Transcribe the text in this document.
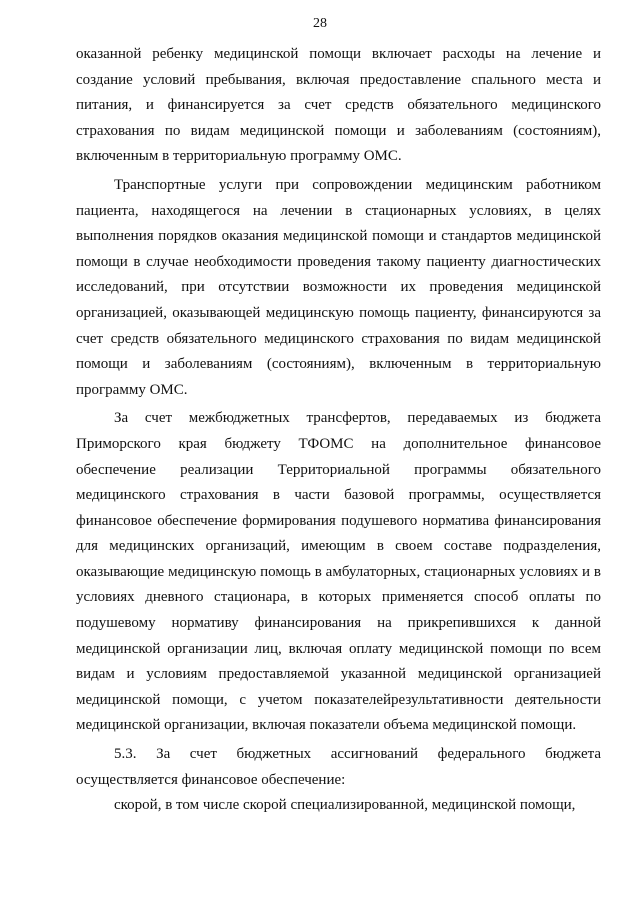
28

оказанной ребенку медицинской помощи включает расходы на лечение и создание условий пребывания, включая предоставление спального места и питания, и финансируется за счет средств обязательного медицинского страхования по видам медицинской помощи и заболеваниям (состояниям), включенным в территориальную программу ОМС.

Транспортные услуги при сопровождении медицинским работником пациента, находящегося на лечении в стационарных условиях, в целях выполнения порядков оказания медицинской помощи и стандартов медицинской помощи в случае необходимости проведения такому пациенту диагностических исследований, при отсутствии возможности их проведения медицинской организацией, оказывающей медицинскую помощь пациенту, финансируются за счет средств обязательного медицинского страхования по видам медицинской помощи и заболеваниям (состояниям), включенным в территориальную программу ОМС.

За счет межбюджетных трансфертов, передаваемых из бюджета Приморского края бюджету ТФОМС на дополнительное финансовое обеспечение реализации Территориальной программы обязательного медицинского страхования в части базовой программы, осуществляется финансовое обеспечение формирования подушевого норматива финансирования для медицинских организаций, имеющим в своем составе подразделения, оказывающие медицинскую помощь в амбулаторных, стационарных условиях и в условиях дневного стационара, в которых применяется способ оплаты по подушевому нормативу финансирования на прикрепившихся к данной медицинской организации лиц, включая оплату медицинской помощи по всем видам и условиям предоставляемой указанной медицинской организацией медицинской помощи, с учетом показателейрезультативности деятельности медицинской организации, включая показатели объема медицинской помощи.

5.3. За счет бюджетных ассигнований федерального бюджета осуществляется финансовое обеспечение:

скорой, в том числе скорой специализированной, медицинской помощи,
